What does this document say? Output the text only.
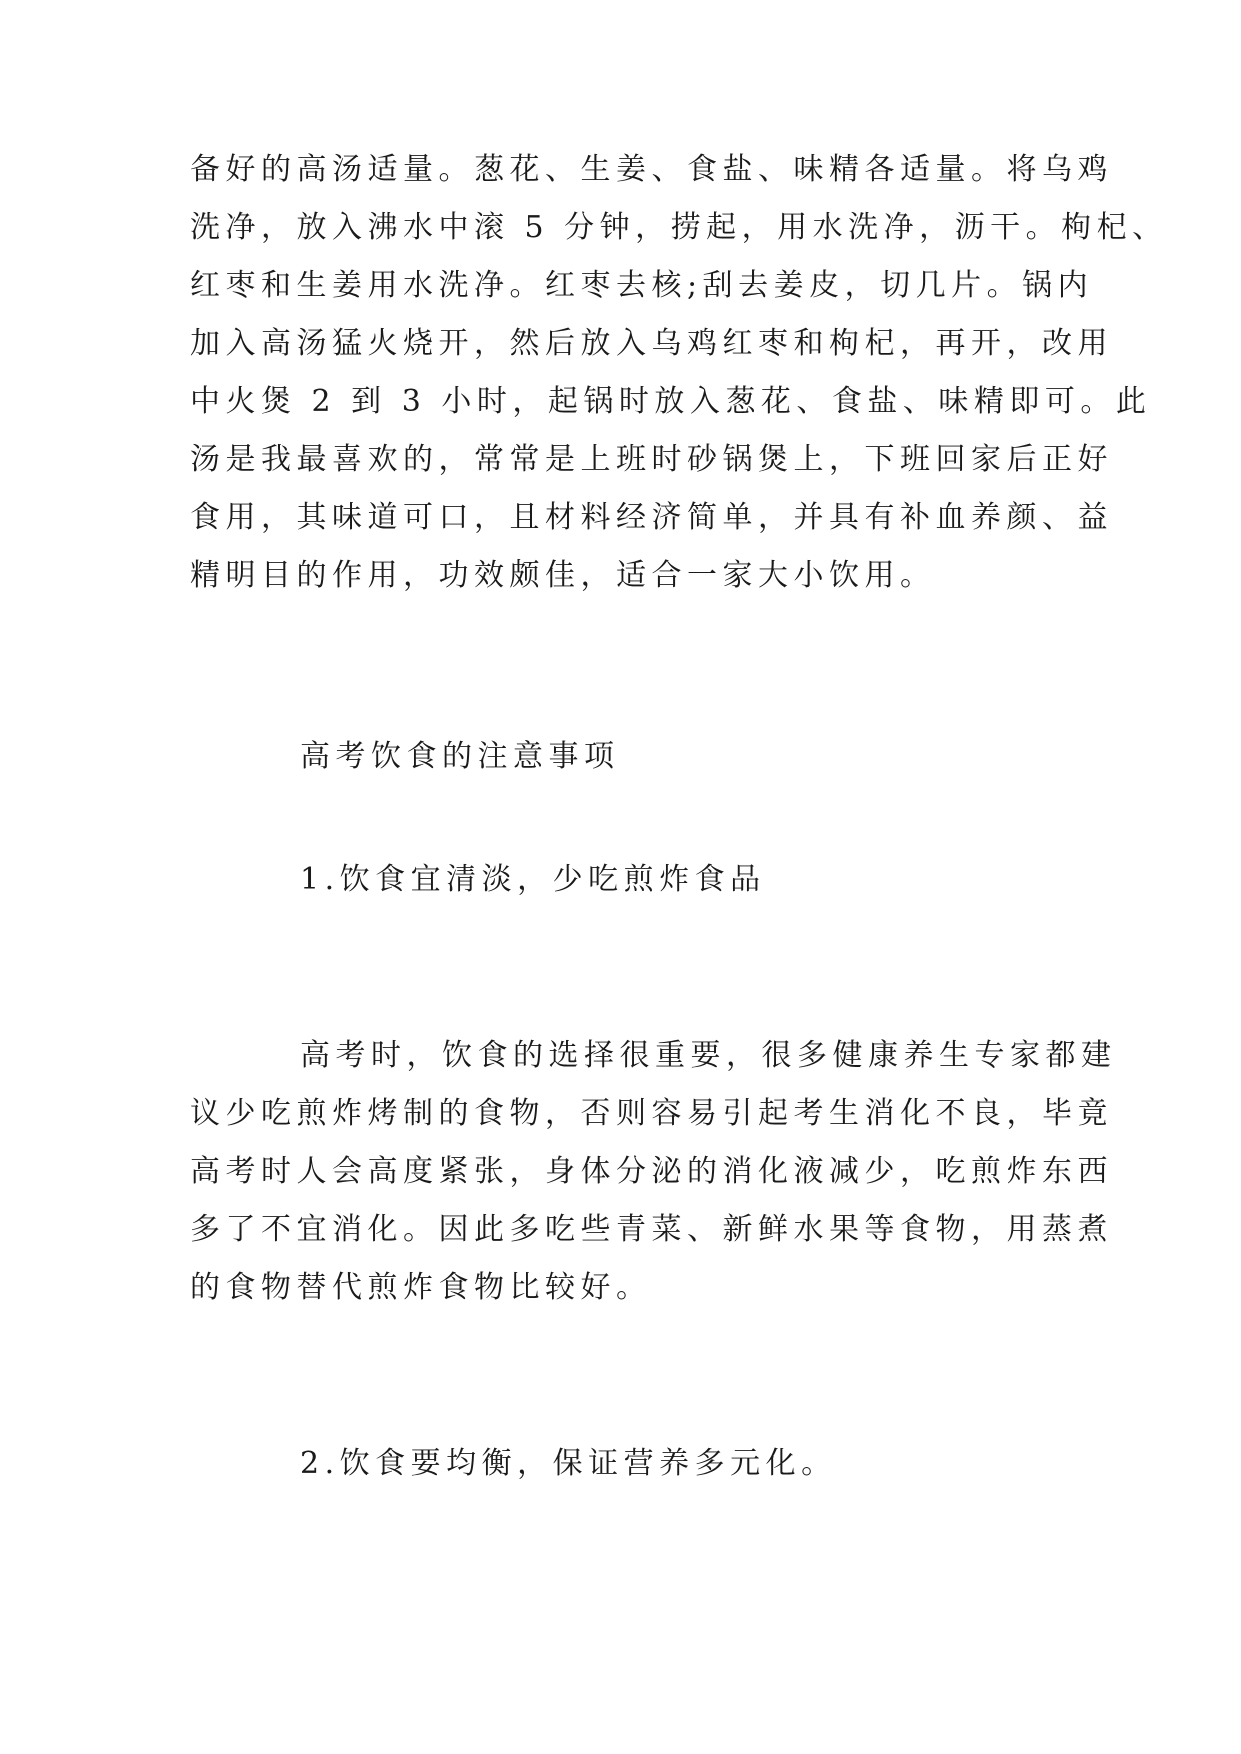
备好的高汤适量。葱花、生姜、食盐、味精各适量。将乌鸡
洗净，放入沸水中滚 5 分钟，捞起，用水洗净，沥干。枸杞、
红枣和生姜用水洗净。红枣去核;刮去姜皮，切几片。锅内
加入高汤猛火烧开，然后放入乌鸡红枣和枸杞，再开，改用
中火煲 2 到 3 小时，起锅时放入葱花、食盐、味精即可。此
汤是我最喜欢的，常常是上班时砂锅煲上，下班回家后正好
食用，其味道可口，且材料经济简单，并具有补血养颜、益
精明目的作用，功效颇佳，适合一家大小饮用。
高考饮食的注意事项
1.饮食宜清淡，少吃煎炸食品
高考时，饮食的选择很重要，很多健康养生专家都建
议少吃煎炸烤制的食物，否则容易引起考生消化不良，毕竟
高考时人会高度紧张，身体分泌的消化液减少，吃煎炸东西
多了不宜消化。因此多吃些青菜、新鲜水果等食物，用蒸煮
的食物替代煎炸食物比较好。
2.饮食要均衡，保证营养多元化。
